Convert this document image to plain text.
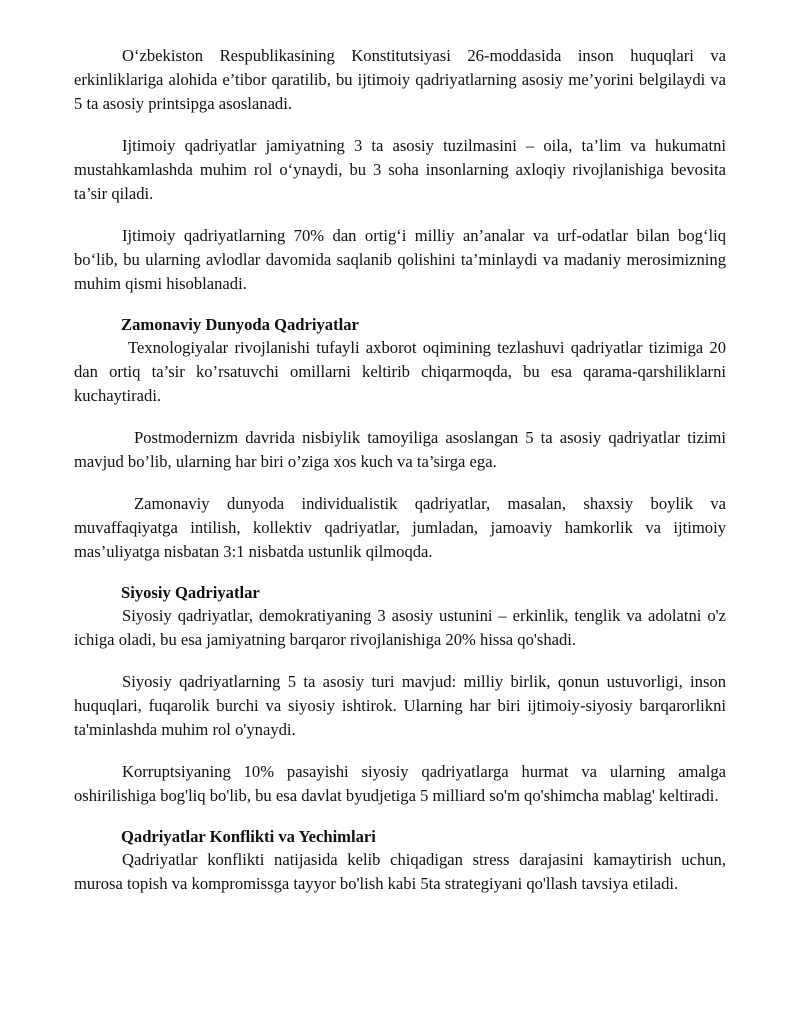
O‘zbekiston Respublikasining Konstitutsiyasi 26-moddasida inson huquqlari va erkinliklariga alohida e’tibor qaratilib, bu ijtimoiy qadriyatlarning asosiy me’yorini belgilaydi va 5 ta asosiy printsipga asoslanadi.

Ijtimoiy qadriyatlar jamiyatning 3 ta asosiy tuzilmasini – oila, ta’lim va hukumatni mustahkamlashda muhim rol o‘ynaydi, bu 3 soha insonlarning axloqiy rivojlanishiga bevosita ta’sir qiladi.

Ijtimoiy qadriyatlarning 70% dan ortig‘i milliy an’analar va urf-odatlar bilan bog‘liq bo‘lib, bu ularning avlodlar davomida saqlanib qolishini ta’minlaydi va madaniy merosimizning muhim qismi hisoblanadi.

Zamonaviy Dunyoda Qadriyatlar

Texnologiyalar rivojlanishi tufayli axborot oqimining tezlashuvi qadriyatlar tizimiga 20 dan ortiq ta’sir ko’rsatuvchi omillarni keltirib chiqarmoqda, bu esa qarama-qarshiliklarni kuchaytiradi.

Postmodernizm davrida nisbiylik tamoyiliga asoslangan 5 ta asosiy qadriyatlar tizimi mavjud bo’lib, ularning har biri o’ziga xos kuch va ta’sirga ega.

Zamonaviy dunyoda individualistik qadriyatlar, masalan, shaxsiy boylik va muvaffaqiyatga intilish, kollektiv qadriyatlar, jumladan, jamoaviy hamkorlik va ijtimoiy mas’uliyatga nisbatan 3:1 nisbatda ustunlik qilmoqda.

Siyosiy Qadriyatlar

Siyosiy qadriyatlar, demokratiyaning 3 asosiy ustunini – erkinlik, tenglik va adolatni o'z ichiga oladi, bu esa jamiyatning barqaror rivojlanishiga 20% hissa qo'shadi.

Siyosiy qadriyatlarning 5 ta asosiy turi mavjud: milliy birlik, qonun ustuvorligi, inson huquqlari, fuqarolik burchi va siyosiy ishtirok. Ularning har biri ijtimoiy-siyosiy barqarorlikni ta'minlashda muhim rol o'ynaydi.

Korruptsiyaning 10% pasayishi siyosiy qadriyatlarga hurmat va ularning amalga oshirilishiga bog'liq bo'lib, bu esa davlat byudjetiga 5 milliard so'm qo'shimcha mablag' keltiradi.

Qadriyatlar Konflikti va Yechimlari

Qadriyatlar konflikti natijasida kelib chiqadigan stress darajasini kamaytirish uchun, murosa topish va kompromissga tayyor bo'lish kabi 5ta strategiyani qo'llash tavsiya etiladi.
